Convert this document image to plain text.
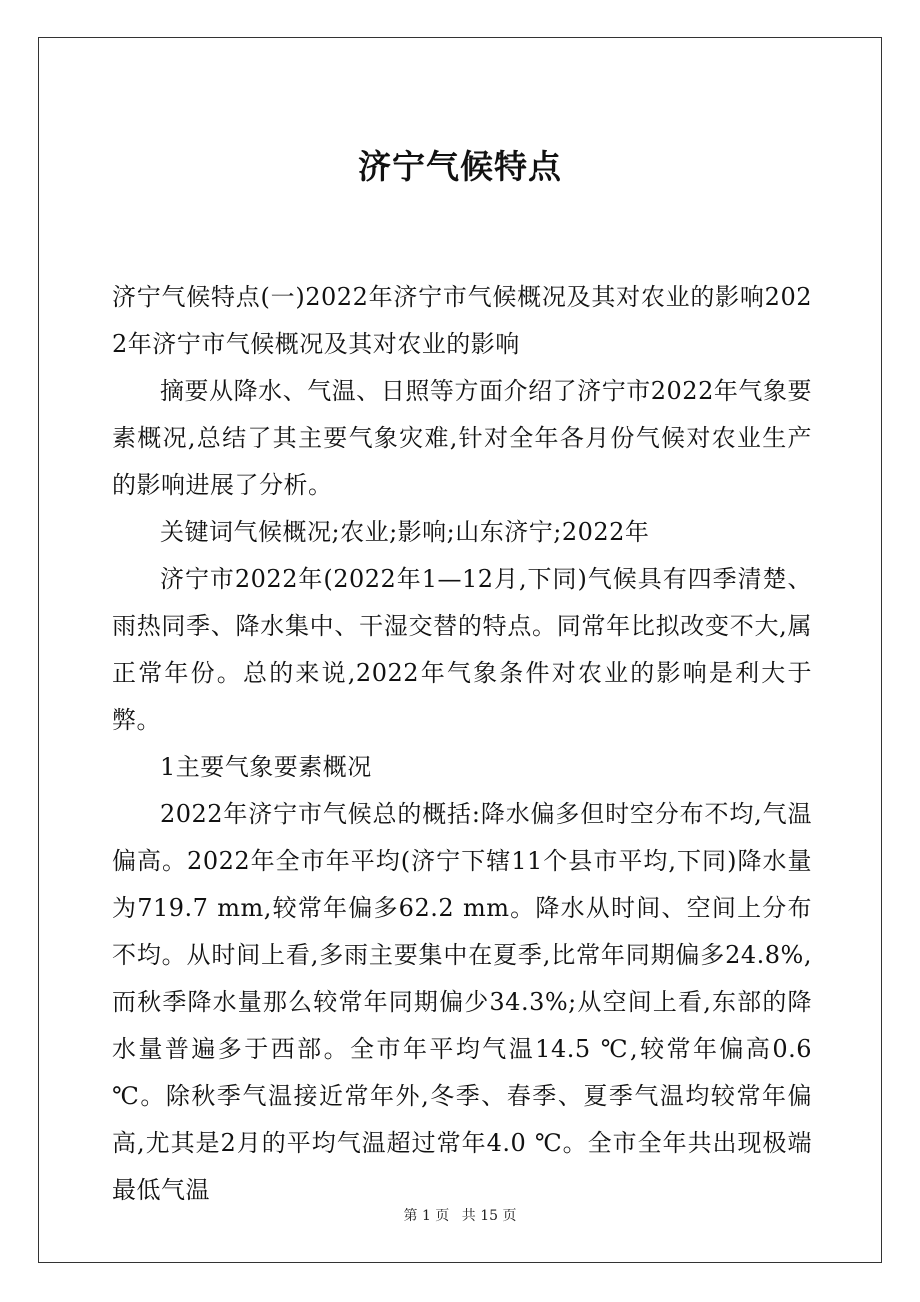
济宁气候特点

济宁气候特点(一)2022年济宁市气候概况及其对农业的影响2022年济宁市气候概况及其对农业的影响

摘要从降水、气温、日照等方面介绍了济宁市2022年气象要素概况,总结了其主要气象灾难,针对全年各月份气候对农业生产的影响进展了分析。

关键词气候概况;农业;影响;山东济宁;2022年

济宁市2022年(2022年1—12月,下同)气候具有四季清楚、雨热同季、降水集中、干湿交替的特点。同常年比拟改变不大,属正常年份。总的来说,2022年气象条件对农业的影响是利大于弊。

1主要气象要素概况

2022年济宁市气候总的概括:降水偏多但时空分布不均,气温偏高。2022年全市年平均(济宁下辖11个县市平均,下同)降水量为719.7 mm,较常年偏多62.2 mm。降水从时间、空间上分布不均。从时间上看,多雨主要集中在夏季,比常年同期偏多24.8%,而秋季降水量那么较常年同期偏少34.3%;从空间上看,东部的降水量普遍多于西部。全市年平均气温14.5 ℃,较常年偏高0.6 ℃。除秋季气温接近常年外,冬季、春季、夏季气温均较常年偏高,尤其是2月的平均气温超过常年4.0 ℃。全市全年共出现极端最低气温

第 1 页 共 15 页
